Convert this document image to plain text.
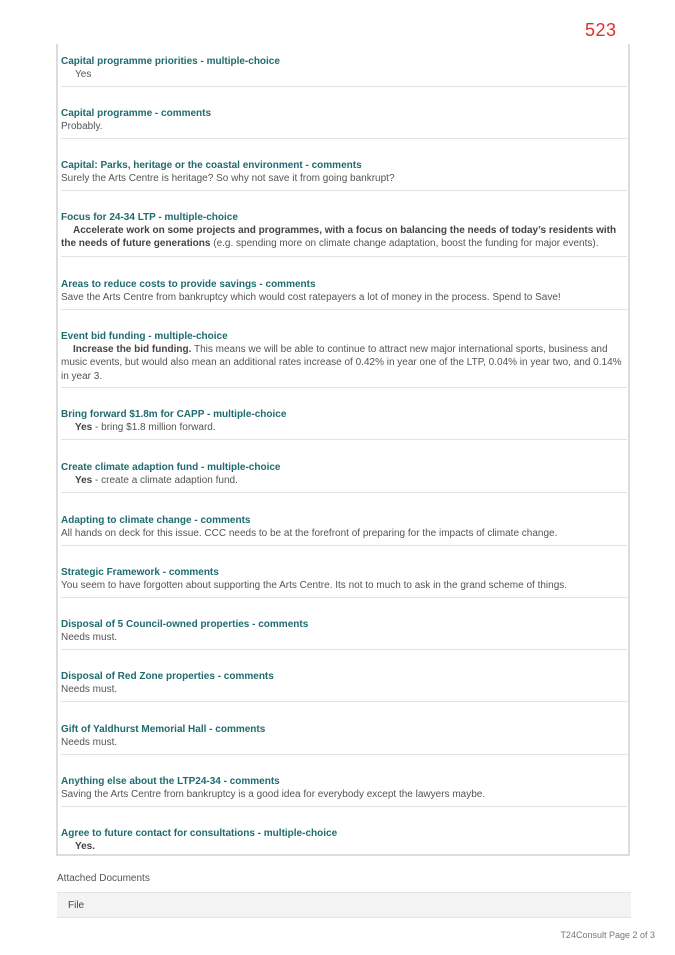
523

Capital programme priorities - multiple-choice

Yes

Capital programme - comments

Probably.

Capital: Parks, heritage or the coastal environment - comments

Surely the Arts Centre is heritage? So why not save it from going bankrupt?

Focus for 24-34 LTP - multiple-choice

Accelerate work on some projects and programmes, with a focus on balancing the needs of today’s residents with the needs of future generations (e.g. spending more on climate change adaptation, boost the funding for major events).

Areas to reduce costs to provide savings - comments

Save the Arts Centre from bankruptcy which would cost ratepayers a lot of money in the process. Spend to Save!

Event bid funding - multiple-choice

Increase the bid funding. This means we will be able to continue to attract new major international sports, business and music events, but would also mean an additional rates increase of 0.42% in year one of the LTP, 0.04% in year two, and 0.14% in year 3.

Bring forward $1.8m for CAPP - multiple-choice

Yes - bring $1.8 million forward.

Create climate adaption fund - multiple-choice

Yes - create a climate adaption fund.

Adapting to climate change - comments

All hands on deck for this issue. CCC needs to be at the forefront of preparing for the impacts of climate change.

Strategic Framework - comments

You seem to have forgotten about supporting the Arts Centre. Its not to much to ask in the grand scheme of things.

Disposal of 5 Council-owned properties - comments

Needs must.

Disposal of Red Zone properties - comments

Needs must.

Gift of Yaldhurst Memorial Hall - comments

Needs must.

Anything else about the LTP24-34 - comments

Saving the Arts Centre from bankruptcy is a good idea for everybody except the lawyers maybe.

Agree to future contact for consultations - multiple-choice

Yes.

Attached Documents
File
T24Consult Page 2 of 3
